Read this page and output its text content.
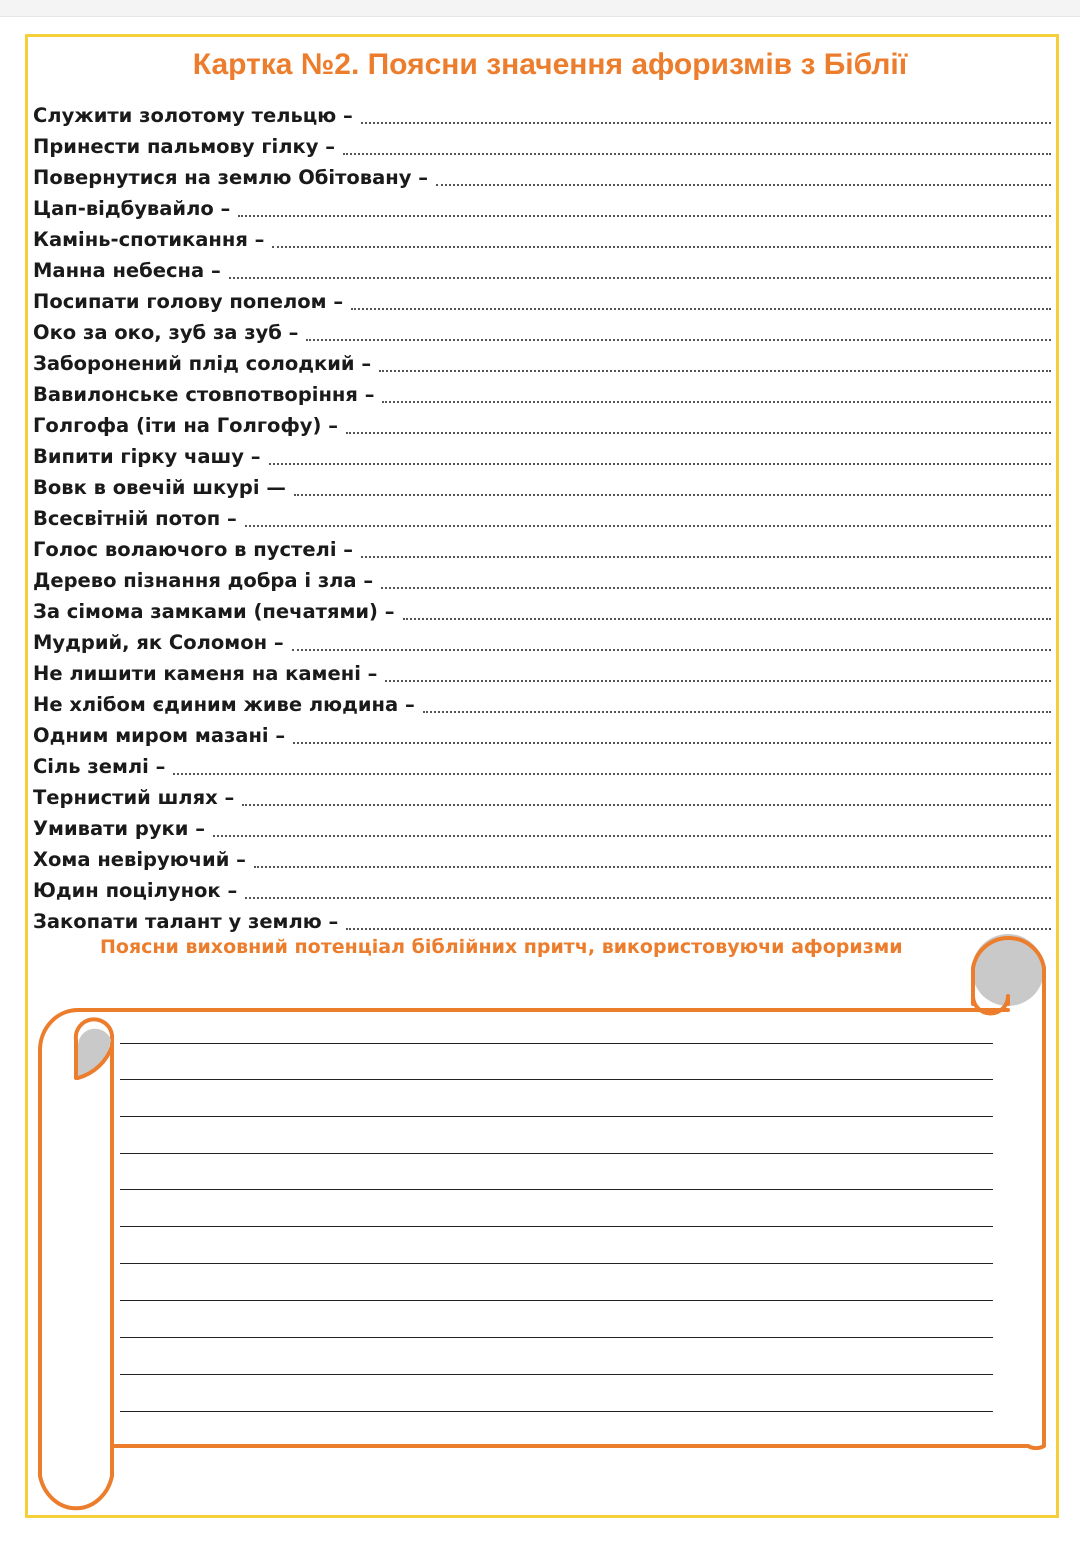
Картка №2. Поясни значення афоризмів з Біблії
Служити золотому тельцю –
Принести пальмову гілку –
Повернутися на землю Обітовану –
Цап-відбувайло –
Камінь-спотикання –
Манна небесна –
Посипати голову попелом –
Око за око, зуб за зуб –
Заборонений плід солодкий –
Вавилонське стовпотворіння –
Голгофа (іти на Голгофу) –
Випити гірку чашу –
Вовк в овечій шкурі —
Всесвітній потоп –
Голос волаючого в пустелі –
Дерево пізнання добра і зла –
За сімома замками (печатями) –
Мудрий, як Соломон –
Не лишити каменя на камені –
Не хлібом єдиним живе людина –
Одним миром мазані –
Сіль землі –
Тернистий шлях –
Умивати руки –
Хома невіруючий –
Юдин поцілунок –
Закопати талант у землю –
Поясни виховний потенціал біблійних притч, використовуючи афоризми
